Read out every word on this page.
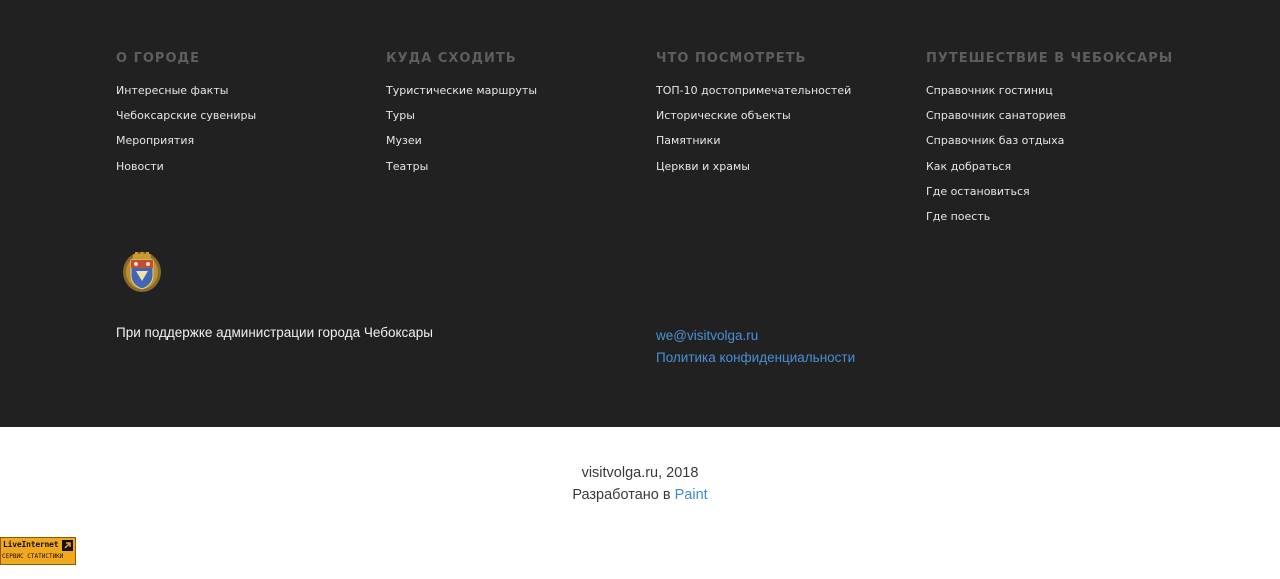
О ГОРОДЕ
Интересные факты
Чебоксарские сувениры
Мероприятия
Новости
КУДА СХОДИТЬ
Туристические маршруты
Туры
Музеи
Театры
ЧТО ПОСМОТРЕТЬ
ТОП-10 достопримечательностей
Исторические объекты
Памятники
Церкви и храмы
ПУТЕШЕСТВИЕ В ЧЕБОКСАРЫ
Справочник гостиниц
Справочник санаториев
Справочник баз отдыха
Как добраться
Где остановиться
Где поесть
При поддержке администрации города Чебоксары	we@visitvolga.ru
Политика конфиденциальности
visitvolga.ru, 2018
Разработано в Paint
LiveInternet
СЕРВИС СТАТИСТИКИ
